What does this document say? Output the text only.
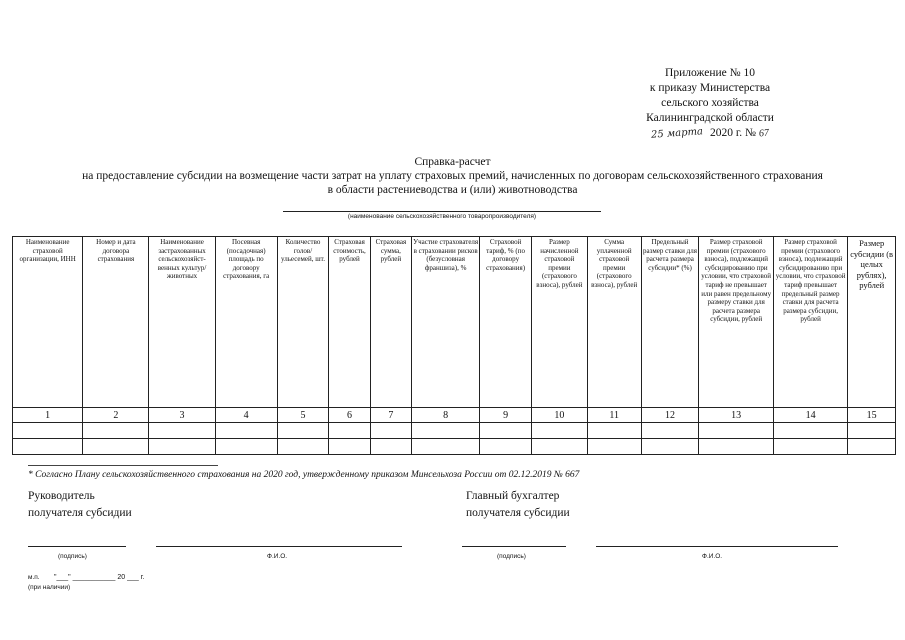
Приложение № 10
к приказу Министерства
сельского хозяйства
Калининградской области
25 марта 2020 г. № 67
Справка-расчет
на предоставление субсидии на возмещение части затрат на уплату страховых премий, начисленных по договорам сельскохозяйственного страхования
в области растениеводства и (или) животноводства
(наименование сельскохозяйственного товаропроизводителя)
Наименование страховой организации, ИНН	Номер и дата договора страхования	Наименование застрахованных сельскохозяйст-венных культур/ животных	Посевная (посадочная) площадь по договору страхования, га	Количество голов/ ульесемей, шт.	Страховая стоимость, рублей	Страховая сумма, рублей	Участие страхователя в страховании рисков (безусловная франшиза), %	Страховой тариф, % (по договору страхования)	Размер начисленной страховой премии (страхового взноса), рублей	Сумма уплаченной страховой премии (страхового взноса), рублей	Предельный размер ставки для расчета размера субсидии* (%)	Размер страховой премии (страхового взноса), подлежащий субсидированию при условии, что страховой тариф не превышает или равен предельному размеру ставки для расчета размера субсидии, рублей	Размер страховой премии (страхового взноса), подлежащий субсидированию при условии, что страховой тариф превышает предельный размер ставки для расчета размера субсидии, рублей	Размер субсидии (в целых рублях), рублей
1	2	3	4	5	6	7	8	9	10	11	12	13	14	15

* Согласно Плану сельскохозяйственного страхования на 2020 год, утвержденному приказом Минсельхоза России от 02.12.2019 № 667
Руководитель
получателя субсидии
Главный бухгалтер
получателя субсидии
(подпись)	Ф.И.О.	(подпись)	Ф.И.О.
м.п. "___" ___________ 20 ___ г.
(при наличии)
